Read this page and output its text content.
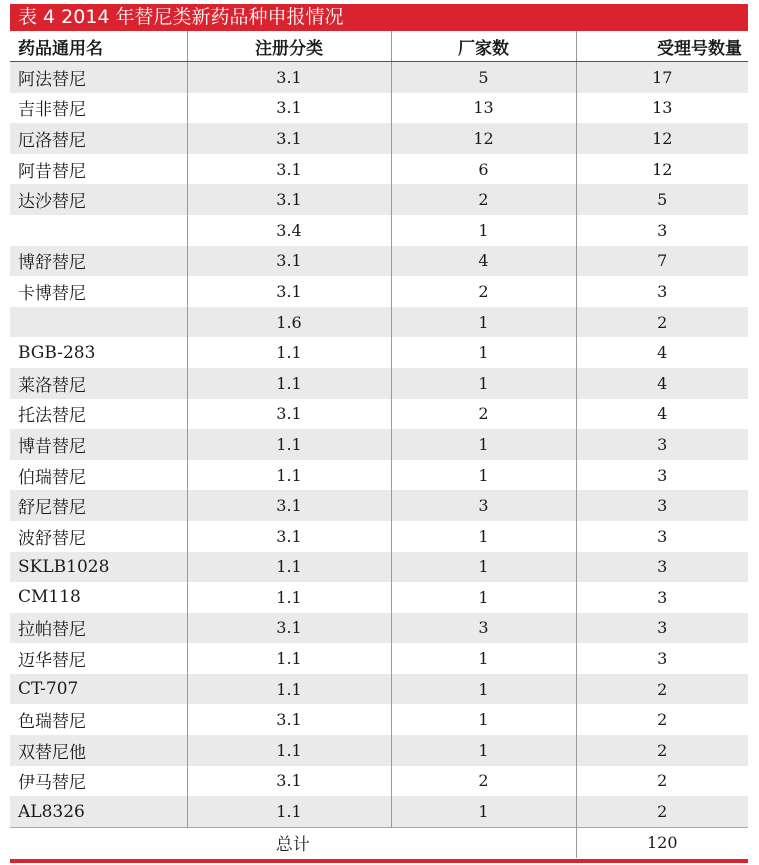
表 4 2014 年替尼类新药品种申报情况
药品通用名	注册分类	厂家数	受理号数量
阿法替尼	3.1	5	17
吉非替尼	3.1	13	13
厄洛替尼	3.1	12	12
阿昔替尼	3.1	6	12
达沙替尼	3.1	2	5
	3.4	1	3
博舒替尼	3.1	4	7
卡博替尼	3.1	2	3
	1.6	1	2
BGB-283	1.1	1	4
莱洛替尼	1.1	1	4
托法替尼	3.1	2	4
博昔替尼	1.1	1	3
伯瑞替尼	1.1	1	3
舒尼替尼	3.1	3	3
波舒替尼	3.1	1	3
SKLB1028	1.1	1	3
CM118	1.1	1	3
拉帕替尼	3.1	3	3
迈华替尼	1.1	1	3
CT-707	1.1	1	2
色瑞替尼	3.1	1	2
双替尼他	1.1	1	2
伊马替尼	3.1	2	2
AL8326	1.1	1	2
总计			120
